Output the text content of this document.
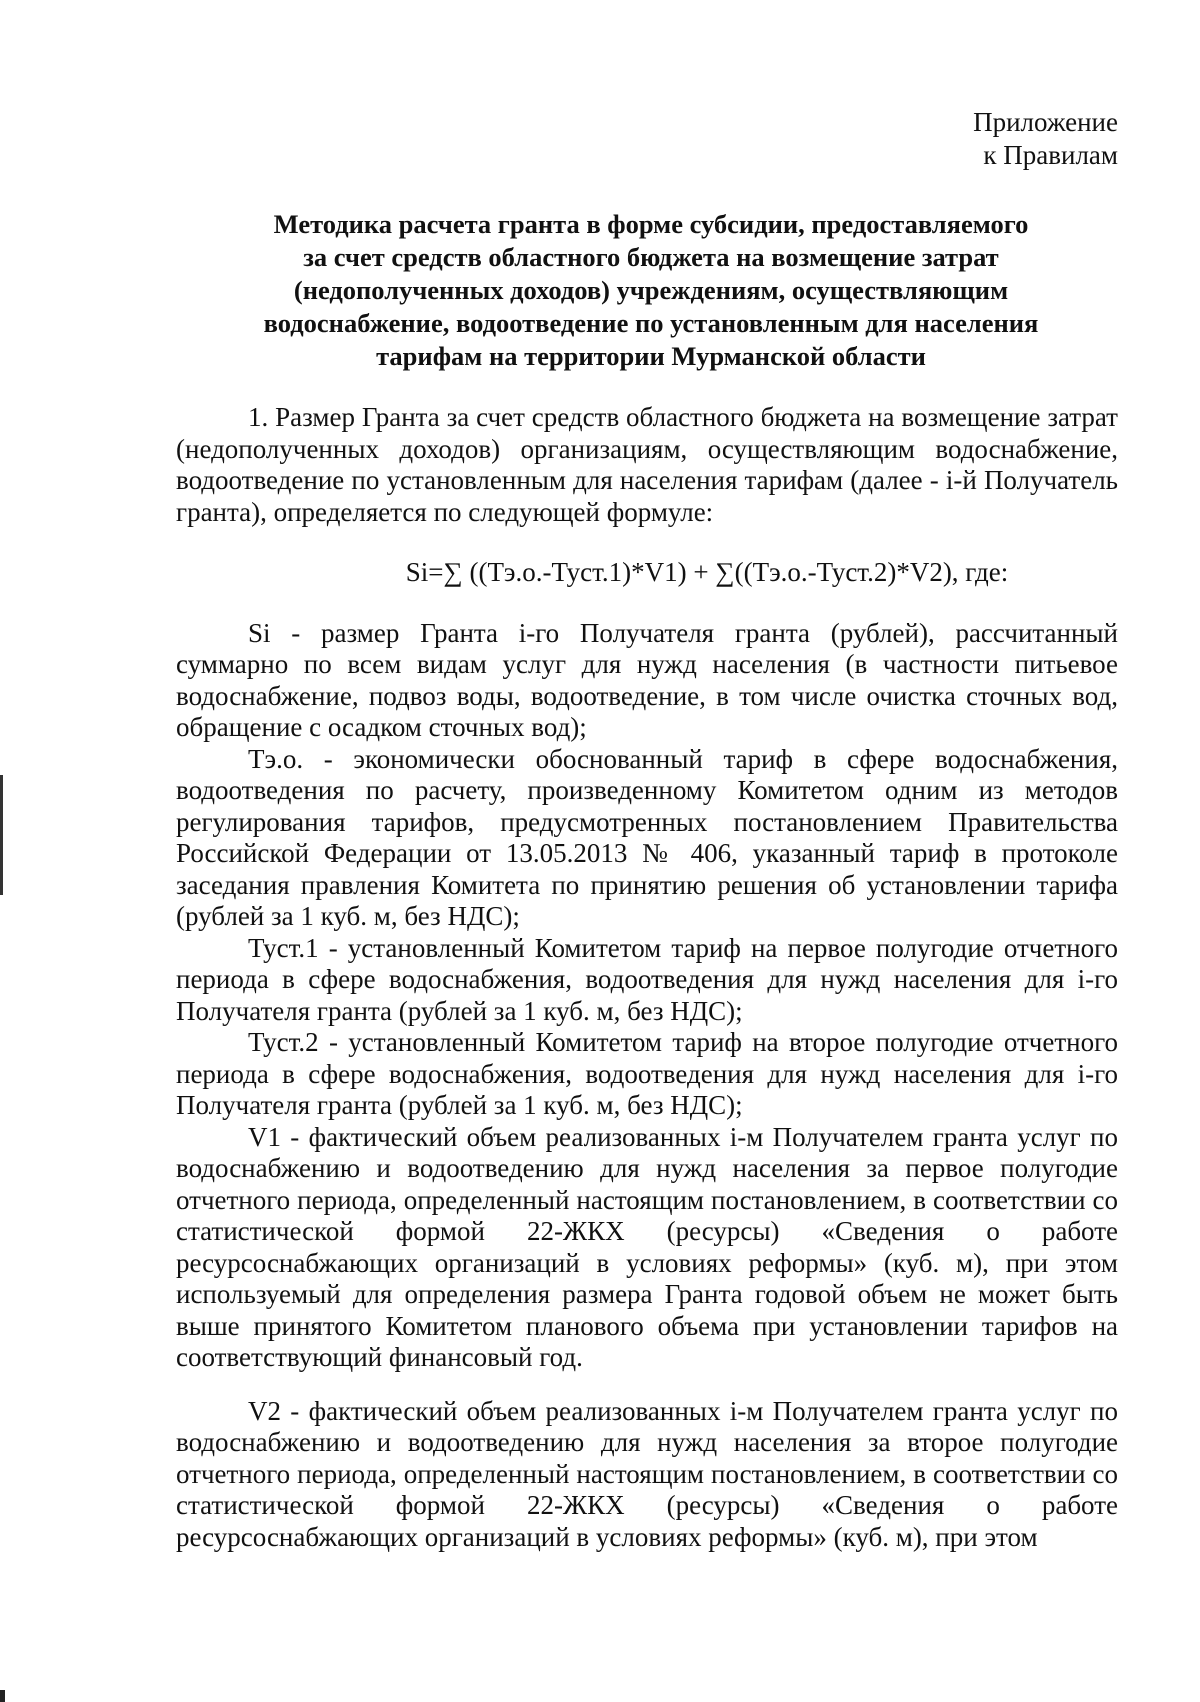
Приложение
к Правилам
Методика расчета гранта в форме субсидии, предоставляемого
за счет средств областного бюджета на возмещение затрат
(недополученных доходов) учреждениям, осуществляющим
водоснабжение, водоотведение по установленным для населения
тарифам на территории Мурманской области

1. Размер Гранта за счет средств областного бюджета на возмещение затрат (недополученных доходов) организациям, осуществляющим водоснабжение, водоотведение по установленным для населения тарифам (далее - i-й Получатель гранта), определяется по следующей формуле:

Si=∑ ((Тэ.о.-Туст.1)*V1) + ∑((Тэ.о.-Туст.2)*V2), где:

Si - размер Гранта i-го Получателя гранта (рублей), рассчитанный суммарно по всем видам услуг для нужд населения (в частности питьевое водоснабжение, подвоз воды, водоотведение, в том числе очистка сточных вод, обращение с осадком сточных вод);

Тэ.о. - экономически обоснованный тариф в сфере водоснабжения, водоотведения по расчету, произведенному Комитетом одним из методов регулирования тарифов, предусмотренных постановлением Правительства Российской Федерации от 13.05.2013 № 406, указанный тариф в протоколе заседания правления Комитета по принятию решения об установлении тарифа (рублей за 1 куб. м, без НДС);

Туст.1 - установленный Комитетом тариф на первое полугодие отчетного периода в сфере водоснабжения, водоотведения для нужд населения для i-го Получателя гранта (рублей за 1 куб. м, без НДС);

Туст.2 - установленный Комитетом тариф на второе полугодие отчетного периода в сфере водоснабжения, водоотведения для нужд населения для i-го Получателя гранта (рублей за 1 куб. м, без НДС);

V1 - фактический объем реализованных i-м Получателем гранта услуг по водоснабжению и водоотведению для нужд населения за первое полугодие отчетного периода, определенный настоящим постановлением, в соответствии со статистической формой 22-ЖКХ (ресурсы) «Сведения о работе ресурсоснабжающих организаций в условиях реформы» (куб. м), при этом используемый для определения размера Гранта годовой объем не может быть выше принятого Комитетом планового объема при установлении тарифов на соответствующий финансовый год.

V2 - фактический объем реализованных i-м Получателем гранта услуг по водоснабжению и водоотведению для нужд населения за второе полугодие отчетного периода, определенный настоящим постановлением, в соответствии со статистической формой 22-ЖКХ (ресурсы) «Сведения о работе ресурсоснабжающих организаций в условиях реформы» (куб. м), при этом
